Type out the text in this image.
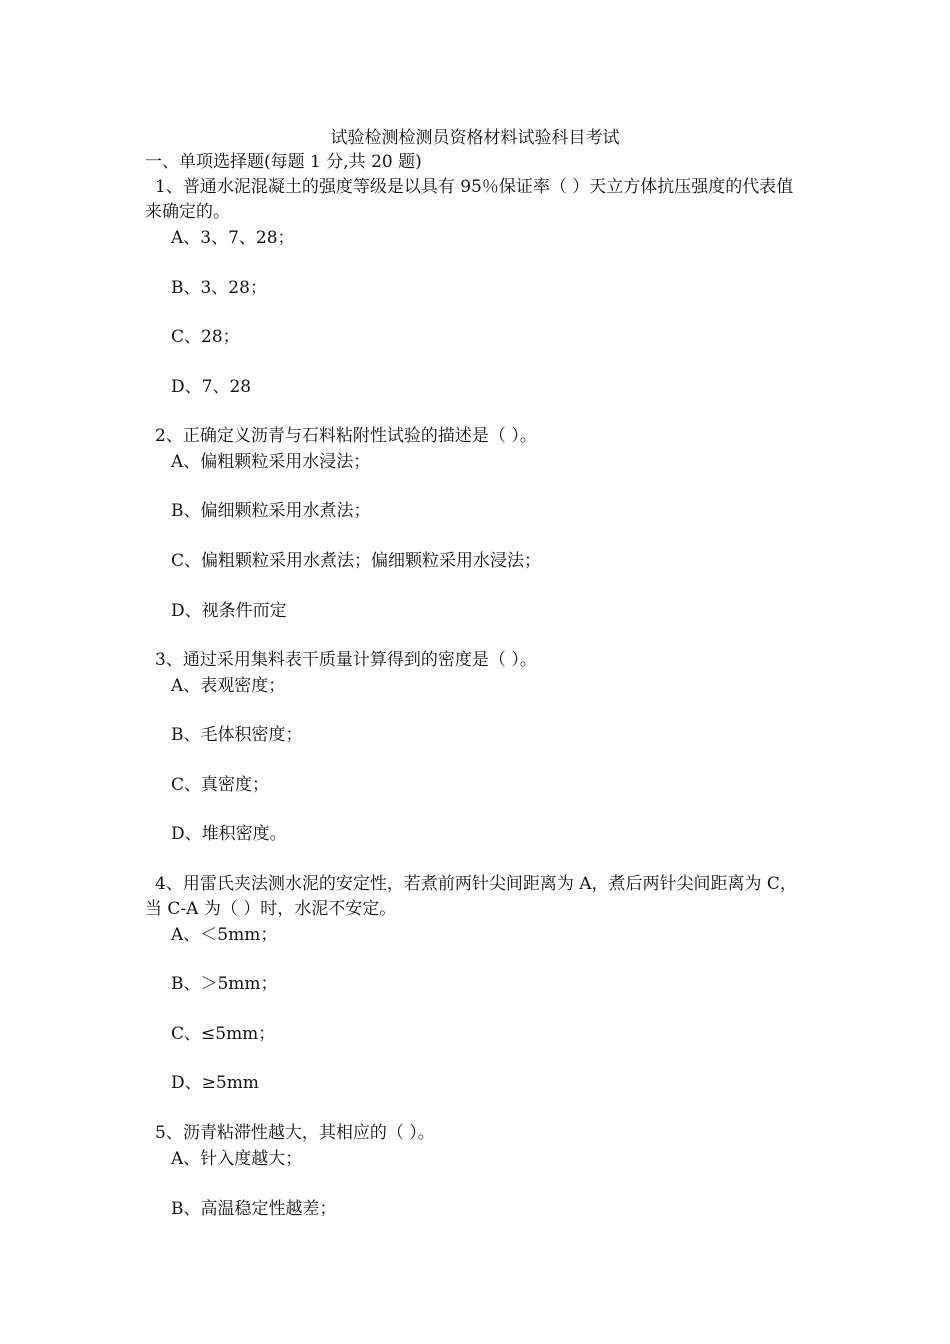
试验检测检测员资格材料试验科目考试
一、单项选择题(每题 1 分,共 20 题)
1、普通水泥混凝土的强度等级是以具有 95％保证率（ ）天立方体抗压强度的代表值来确定的。
A、3、7、28；
B、3、28；
C、28；
D、7、28
2、正确定义沥青与石料粘附性试验的描述是（ ）。
A、偏粗颗粒采用水浸法；
B、偏细颗粒采用水煮法；
C、偏粗颗粒采用水煮法；偏细颗粒采用水浸法；
D、视条件而定
3、通过采用集料表干质量计算得到的密度是（ ）。
A、表观密度；
B、毛体积密度；
C、真密度；
D、堆积密度。
4、用雷氏夹法测水泥的安定性，若煮前两针尖间距离为 A，煮后两针尖间距离为 C，当 C-A 为（ ）时，水泥不安定。
A、＜5mm；
B、＞5mm；
C、≤5mm；
D、≥5mm
5、沥青粘滞性越大，其相应的（ ）。
A、针入度越大；
B、高温稳定性越差；
